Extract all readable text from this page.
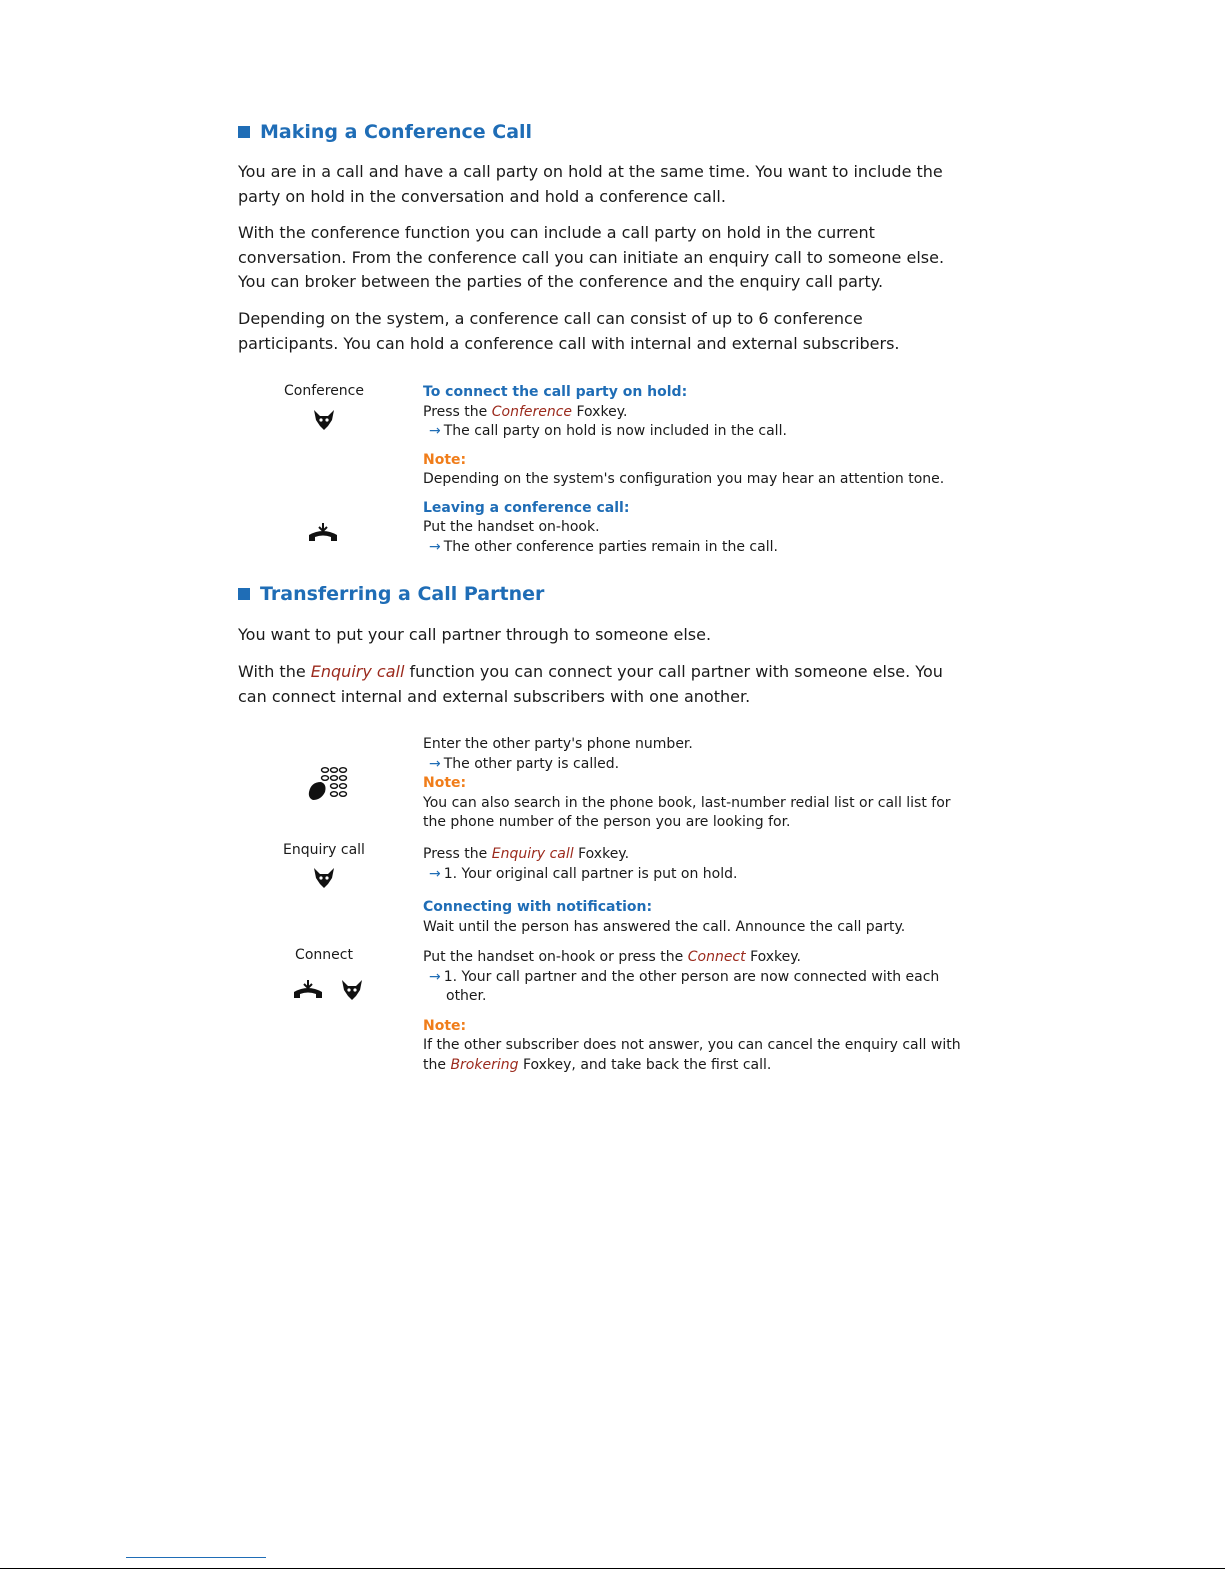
Making a Conference Call
You are in a call and have a call party on hold at the same time. You want to include the party on hold in the conversation and hold a conference call.
With the conference function you can include a call party on hold in the current conversation. From the conference call you can initiate an enquiry call to someone else. You can broker between the parties of the conference and the enquiry call party.
Depending on the system, a conference call can consist of up to 6 conference participants. You can hold a conference call with internal and external subscribers.
Conference	To connect the call party on hold:
Press the Conference Foxkey.
→ The call party on hold is now included in the call.
Note:
Depending on the system's configuration you may hear an attention tone.
Leaving a conference call:
Put the handset on-hook.
→ The other conference parties remain in the call.
Transferring a Call Partner
You want to put your call partner through to someone else.
With the Enquiry call function you can connect your call partner with someone else. You can connect internal and external subscribers with one another.
Enter the other party's phone number.
→ The other party is called.
Note:
You can also search in the phone book, last-number redial list or call list for the phone number of the person you are looking for.
Enquiry call	Press the Enquiry call Foxkey.
→ 1. Your original call partner is put on hold.
Connecting with notification:
Wait until the person has answered the call. Announce the call party.
Connect	Put the handset on-hook or press the Connect Foxkey.
→ 1. Your call partner and the other person are now connected with each
other.
Note:
If the other subscriber does not answer, you can cancel the enquiry call with the Brokering Foxkey, and take back the first call.
